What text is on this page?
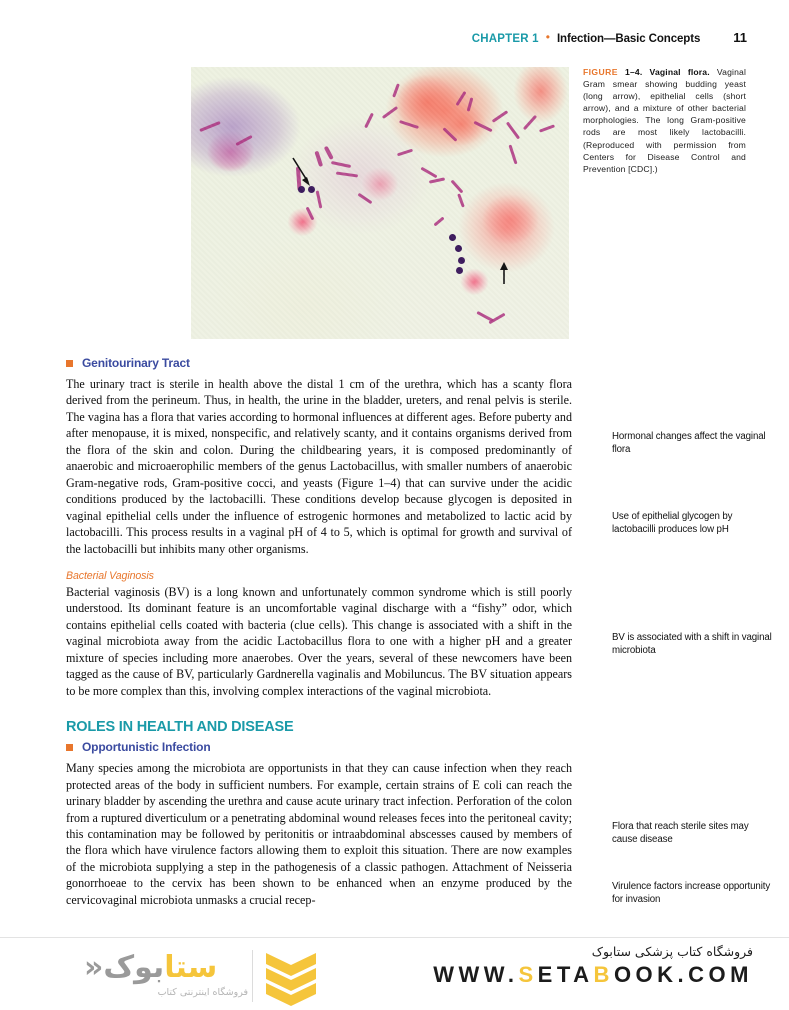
CHAPTER 1 • Infection—Basic Concepts	11
FIGURE 1–4. Vaginal flora. Vaginal Gram smear showing budding yeast (long arrow), epithelial cells (short arrow), and a mixture of other bacterial morphologies. The long Gram-positive rods are most likely lactobacilli. (Reproduced with permission from Centers for Disease Control and Prevention [CDC].)
Genitourinary Tract

The urinary tract is sterile in health above the distal 1 cm of the urethra, which has a scanty flora derived from the perineum. Thus, in health, the urine in the bladder, ureters, and renal pelvis is sterile. The vagina has a flora that varies according to hormonal influences at different ages. Before puberty and after menopause, it is mixed, nonspecific, and relatively scanty, and it contains organisms derived from the flora of the skin and colon. During the childbearing years, it is composed predominantly of anaerobic and microaerophilic members of the genus Lactobacillus, with smaller numbers of anaerobic Gram-negative rods, Gram-positive cocci, and yeasts (Figure 1–4) that can survive under the acidic conditions produced by the lactobacilli. These conditions develop because glycogen is deposited in vaginal epithelial cells under the influence of estrogenic hormones and metabolized to lactic acid by lactobacilli. This process results in a vaginal pH of 4 to 5, which is optimal for growth and survival of the lactobacilli but inhibits many other organisms.

Bacterial Vaginosis

Bacterial vaginosis (BV) is a long known and unfortunately common syndrome which is still poorly understood. Its dominant feature is an uncomfortable vaginal discharge with a “fishy” odor, which contains epithelial cells coated with bacteria (clue cells). This change is associated with a shift in the vaginal microbiota away from the acidic Lactobacillus flora to one with a higher pH and a greater mixture of species including more anaerobes. Over the years, several of these newcomers have been tagged as the cause of BV, particularly Gardnerella vaginalis and Mobiluncus. The BV situation appears to be more complex than this, involving complex interactions of the vaginal microbiota.

ROLES IN HEALTH AND DISEASE
Opportunistic Infection

Many species among the microbiota are opportunists in that they can cause infection when they reach protected areas of the body in sufficient numbers. For example, certain strains of E coli can reach the urinary bladder by ascending the urethra and cause acute urinary tract infection. Perforation of the colon from a ruptured diverticulum or a penetrating abdominal wound releases feces into the peritoneal cavity; this contamination may be followed by peritonitis or intraabdominal abscesses caused by members of the flora which have virulence factors allowing them to exploit this situation. There are now examples of the microbiota supplying a step in the pathogenesis of a classic pathogen. Attachment of Neisseria gonorrhoeae to the cervix has been shown to be enhanced when an enzyme produced by the cervicovaginal microbiota unmasks a crucial recep-

Hormonal changes affect the vaginal flora
Use of epithelial glycogen by lactobacilli produces low pH
BV is associated with a shift in vaginal microbiota
Flora that reach sterile sites may cause disease
Virulence factors increase opportunity for invasion
ستابوک«
فروشگاه اینترنتی کتاب
فروشگاه کتاب پزشکی ستابوک
WWW.SETABOOK.COM
